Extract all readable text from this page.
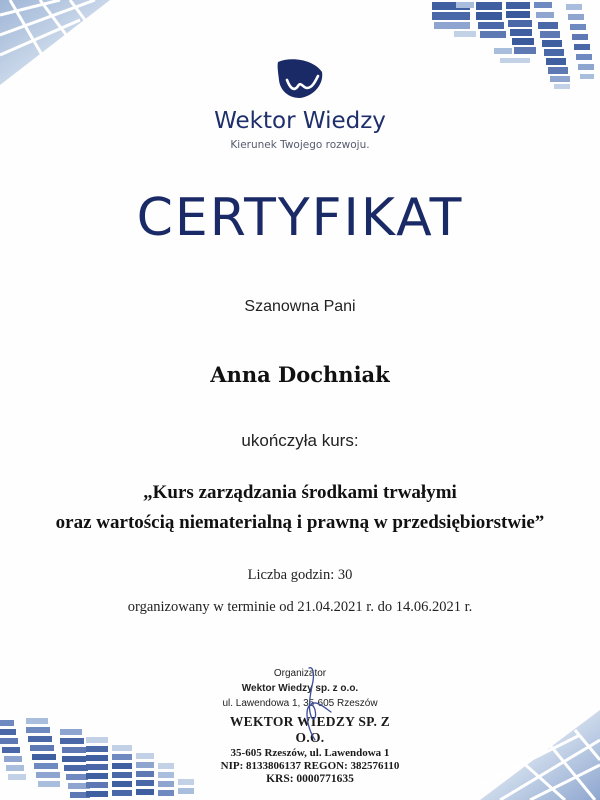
Wektor Wiedzy
Kierunek Twojego rozwoju.
CERTYFIKAT
Szanowna Pani
Anna Dochniak
ukończyła kurs:
„Kurs zarządzania środkami trwałymi
oraz wartością niematerialną i prawną w przedsiębiorstwie”
Liczba godzin: 30
organizowany w terminie od 21.04.2021 r. do 14.06.2021 r.
Organizator
Wektor Wiedzy sp. z o.o.
ul. Lawendowa 1, 35-605 Rzeszów
WEKTOR WIEDZY SP. Z O.O.
35-605 Rzeszów, ul. Lawendowa 1
NIP: 8133806137 REGON: 382576110
KRS: 0000771635
